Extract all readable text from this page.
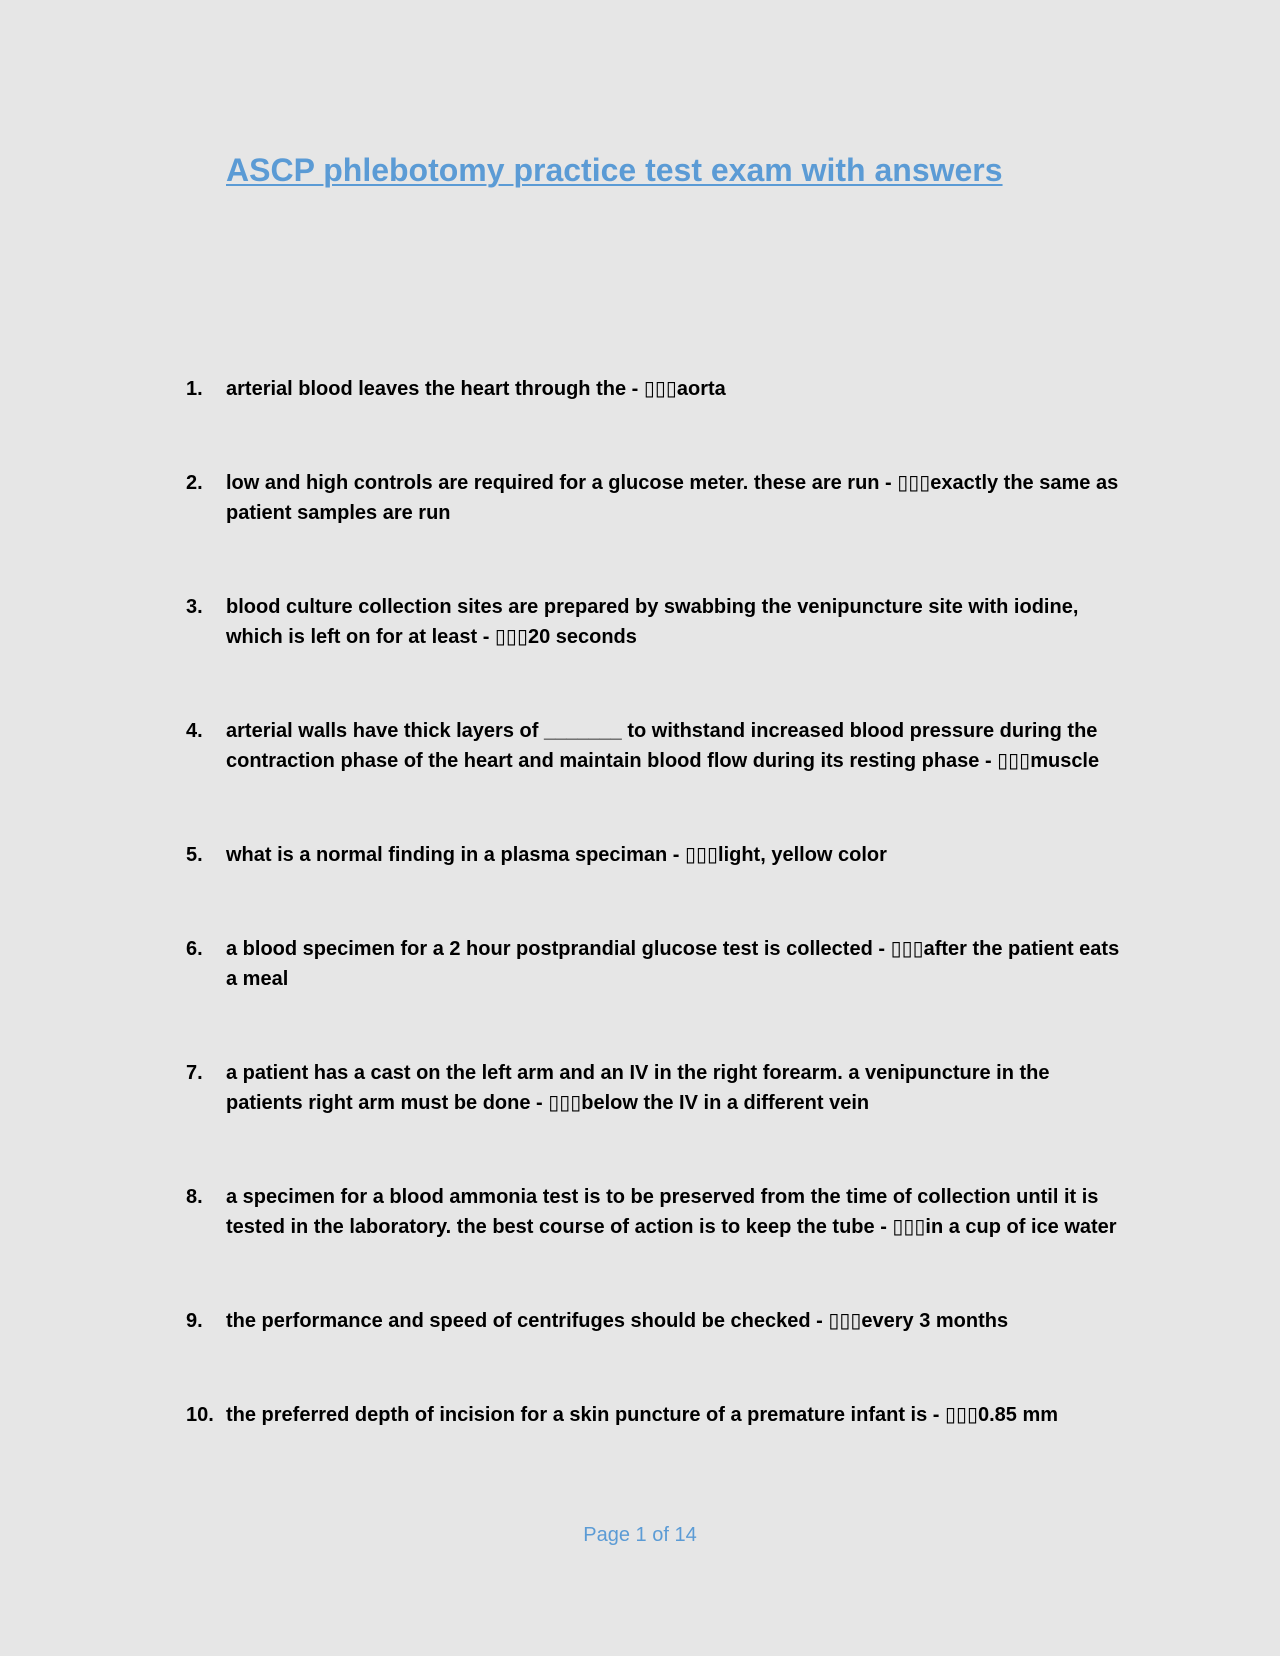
ASCP phlebotomy practice test exam with answers
1.	arterial blood leaves the heart through the - ▯▯▯aorta
2.	low and high controls are required for a glucose meter. these are run - ▯▯▯exactly the same as patient samples are run
3.	blood culture collection sites are prepared by swabbing the venipuncture site with iodine, which is left on for at least - ▯▯▯20 seconds
4.	arterial walls have thick layers of _______ to withstand increased blood pressure during the contraction phase of the heart and maintain blood flow during its resting phase - ▯▯▯muscle
5.	what is a normal finding in a plasma speciman - ▯▯▯light, yellow color
6.	a blood specimen for a 2 hour postprandial glucose test is collected - ▯▯▯after the patient eats a meal
7.	a patient has a cast on the left arm and an IV in the right forearm. a venipuncture in the patients right arm must be done - ▯▯▯below the IV in a different vein
8.	a specimen for a blood ammonia test is to be preserved from the time of collection until it is tested in the laboratory. the best course of action is to keep the tube - ▯▯▯in a cup of ice water
9.	the performance and speed of centrifuges should be checked - ▯▯▯every 3 months
10. the preferred depth of incision for a skin puncture of a premature infant is - ▯▯▯0.85 mm
Page 1 of 14
